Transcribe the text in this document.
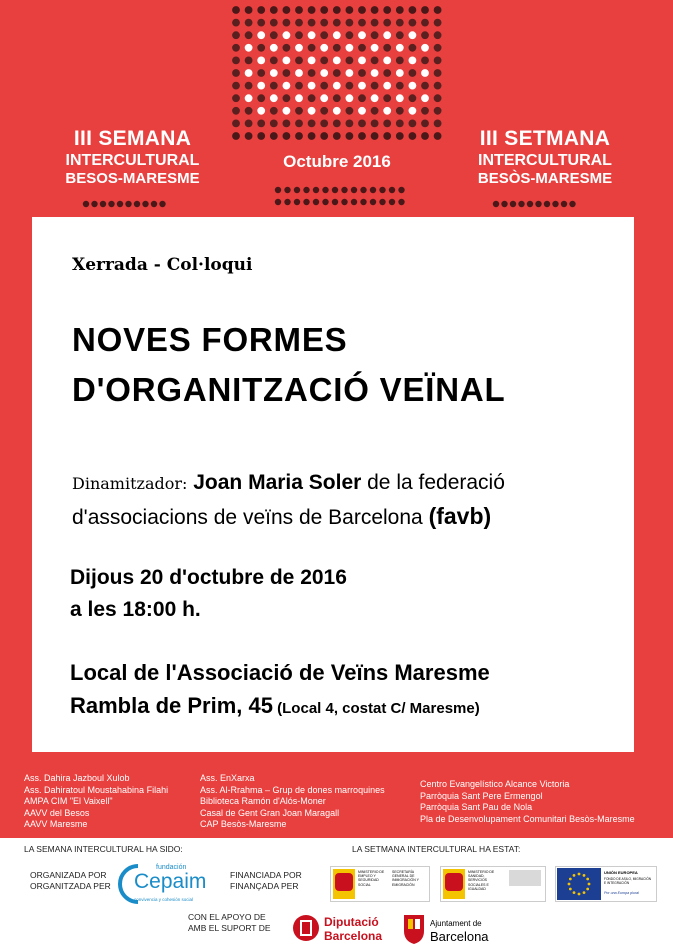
III SEMANA
INTERCULTURAL
BESOS-MARESME
Octubre 2016
III SETMANA
INTERCULTURAL
BESÒS-MARESME
Xerrada - Col·loqui
NOVES FORMES
D'ORGANITZACIÓ VEÏNAL
Dinamitzador: Joan Maria Soler de la federació
d'associacions de veïns de Barcelona (favb)
Dijous 20 d'octubre de 2016
a les 18:00 h.
Local de l'Associació de Veïns Maresme
Rambla de Prim, 45 (Local 4, costat C/ Maresme)
Ass. Dahira Jazboul Xulob
Ass. Dahiratoul Moustahabina Filahi
AMPA CIM "El Vaixell"
AAVV del Besos
AAVV Maresme
Ass. EnXarxa
Ass. Al-Rrahma – Grup de dones marroquines
Biblioteca Ramón d'Alós-Moner
Casal de Gent Gran Joan Maragall
CAP Besòs-Maresme
Centro Evangelístico Alcance Victoria
Parròquia Sant Pere Ermengol
Parròquia Sant Pau de Nola
Pla de Desenvolupament Comunitari Besòs-Maresme
LA SEMANA INTERCULTURAL HA SIDO:	LA SETMANA INTERCULTURAL HA ESTAT:
ORGANIZADA POR
ORGANITZADA PER
fundación
Cepaim
convivencia y cohesión social
FINANCIADA POR
FINANÇADA PER
MINISTERIO DE EMPLEO Y SEGURIDAD SOCIAL
SECRETARÍA GENERAL DE INMIGRACIÓN Y EMIGRACIÓN
MINISTERIO DE SANIDAD, SERVICIOS SOCIALES E IGUALDAD
UNIÓN EUROPEA
FONDO DE ASILO, MIGRACIÓN E INTEGRACIÓN
Por una Europa plural
CON EL APOYO DE
AMB EL SUPORT DE	Diputació
Barcelona
Ajuntament de
Barcelona
